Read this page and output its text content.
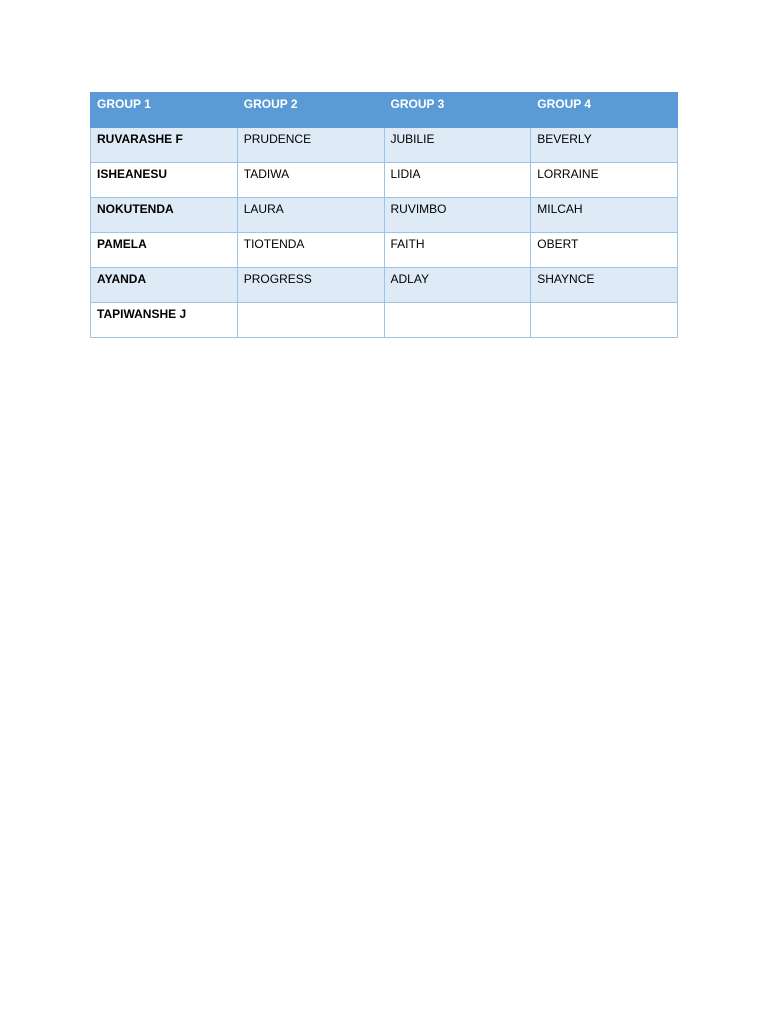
GROUP 1	GROUP 2	GROUP 3	GROUP 4
RUVARASHE F	PRUDENCE	JUBILIE	BEVERLY
ISHEANESU	TADIWA	LIDIA	LORRAINE
NOKUTENDA	LAURA	RUVIMBO	MILCAH
PAMELA	TIOTENDA	FAITH	OBERT
AYANDA	PROGRESS	ADLAY	SHAYNCE
TAPIWANSHE J			
